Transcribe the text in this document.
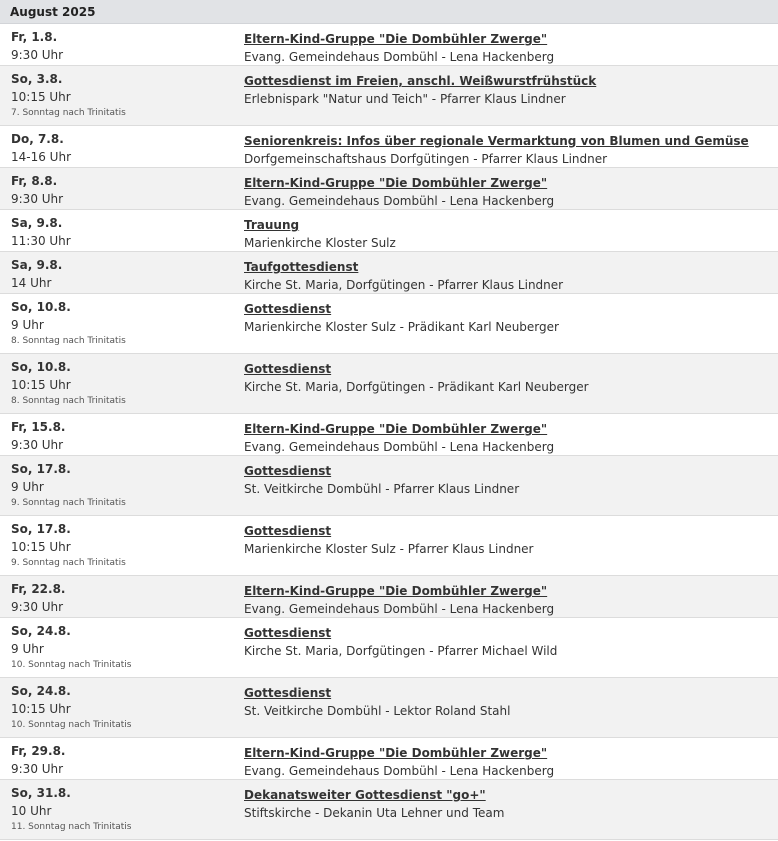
August 2025
Fr, 1.8.
9:30 Uhr
Eltern-Kind-Gruppe "Die Dombühler Zwerge"
Evang. Gemeindehaus Dombühl - Lena Hackenberg
So, 3.8.
10:15 Uhr
7. Sonntag nach Trinitatis
Gottesdienst im Freien, anschl. Weißwurstfrühstück
Erlebnispark "Natur und Teich" - Pfarrer Klaus Lindner
Do, 7.8.
14-16 Uhr
Seniorenkreis: Infos über regionale Vermarktung von Blumen und Gemüse
Dorfgemeinschaftshaus Dorfgütingen - Pfarrer Klaus Lindner
Fr, 8.8.
9:30 Uhr
Eltern-Kind-Gruppe "Die Dombühler Zwerge"
Evang. Gemeindehaus Dombühl - Lena Hackenberg
Sa, 9.8.
11:30 Uhr
Trauung
Marienkirche Kloster Sulz
Sa, 9.8.
14 Uhr
Taufgottesdienst
Kirche St. Maria, Dorfgütingen - Pfarrer Klaus Lindner
So, 10.8.
9 Uhr
8. Sonntag nach Trinitatis
Gottesdienst
Marienkirche Kloster Sulz - Prädikant Karl Neuberger
So, 10.8.
10:15 Uhr
8. Sonntag nach Trinitatis
Gottesdienst
Kirche St. Maria, Dorfgütingen - Prädikant Karl Neuberger
Fr, 15.8.
9:30 Uhr
Eltern-Kind-Gruppe "Die Dombühler Zwerge"
Evang. Gemeindehaus Dombühl - Lena Hackenberg
So, 17.8.
9 Uhr
9. Sonntag nach Trinitatis
Gottesdienst
St. Veitkirche Dombühl - Pfarrer Klaus Lindner
So, 17.8.
10:15 Uhr
9. Sonntag nach Trinitatis
Gottesdienst
Marienkirche Kloster Sulz - Pfarrer Klaus Lindner
Fr, 22.8.
9:30 Uhr
Eltern-Kind-Gruppe "Die Dombühler Zwerge"
Evang. Gemeindehaus Dombühl - Lena Hackenberg
So, 24.8.
9 Uhr
10. Sonntag nach Trinitatis
Gottesdienst
Kirche St. Maria, Dorfgütingen - Pfarrer Michael Wild
So, 24.8.
10:15 Uhr
10. Sonntag nach Trinitatis
Gottesdienst
St. Veitkirche Dombühl - Lektor Roland Stahl
Fr, 29.8.
9:30 Uhr
Eltern-Kind-Gruppe "Die Dombühler Zwerge"
Evang. Gemeindehaus Dombühl - Lena Hackenberg
So, 31.8.
10 Uhr
11. Sonntag nach Trinitatis
Dekanatsweiter Gottesdienst "go+"
Stiftskirche - Dekanin Uta Lehner und Team
